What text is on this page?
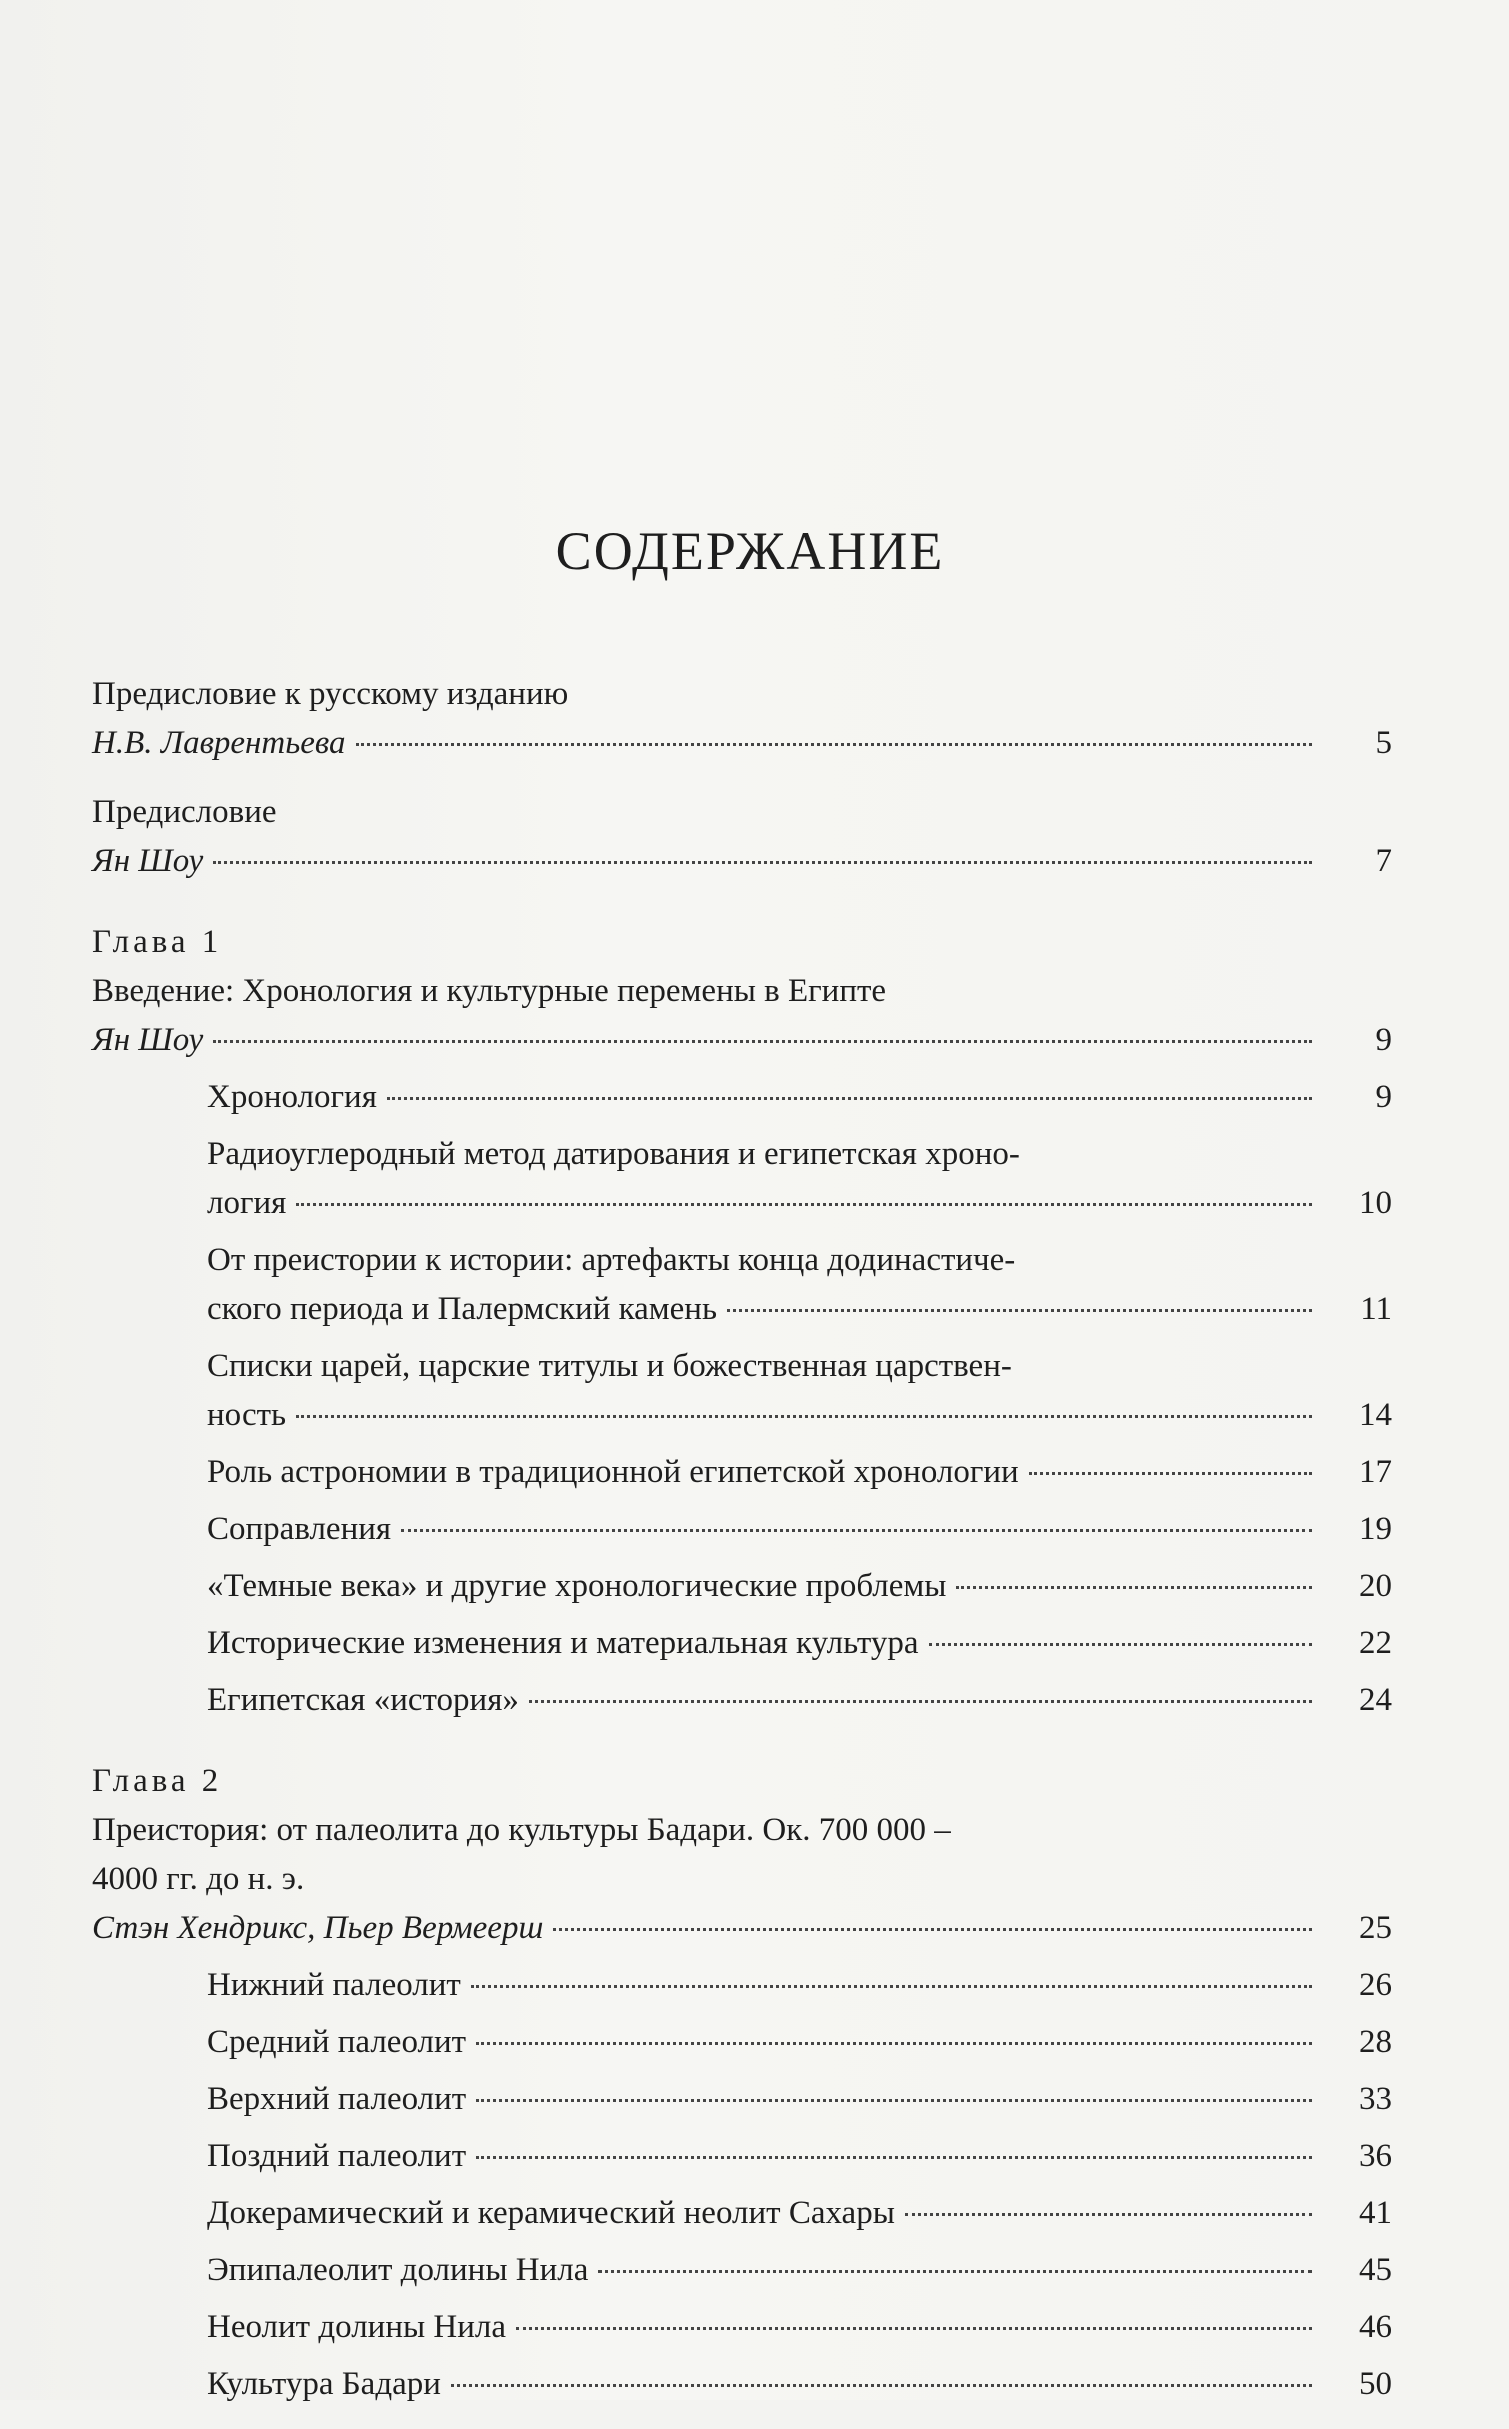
СОДЕРЖАНИЕ
Предисловие к русскому изданию
Н.В. Лаврентьева	5
Предисловие
Ян Шоу	7
Глава 1
Введение: Хронология и культурные перемены в Египте
Ян Шоу	9
Хронология	9
Радиоуглеродный метод датирования и египетская хроно-
логия	10
От преистории к истории: артефакты конца додинастиче-
ского периода и Палермский камень	11
Списки царей, царские титулы и божественная царствен-
ность	14
Роль астрономии в традиционной египетской хронологии	17
Соправления	19
«Темные века» и другие хронологические проблемы	20
Исторические изменения и материальная культура	22
Египетская «история»	24
Глава 2
Преистория: от палеолита до культуры Бадари. Ок. 700 000 –
4000 гг. до н. э.
Стэн Хендрикс, Пьер Вермеерш	25
Нижний палеолит	26
Средний палеолит	28
Верхний палеолит	33
Поздний палеолит	36
Докерамический и керамический неолит Сахары	41
Эпипалеолит долины Нила	45
Неолит долины Нила	46
Культура Бадари	50
